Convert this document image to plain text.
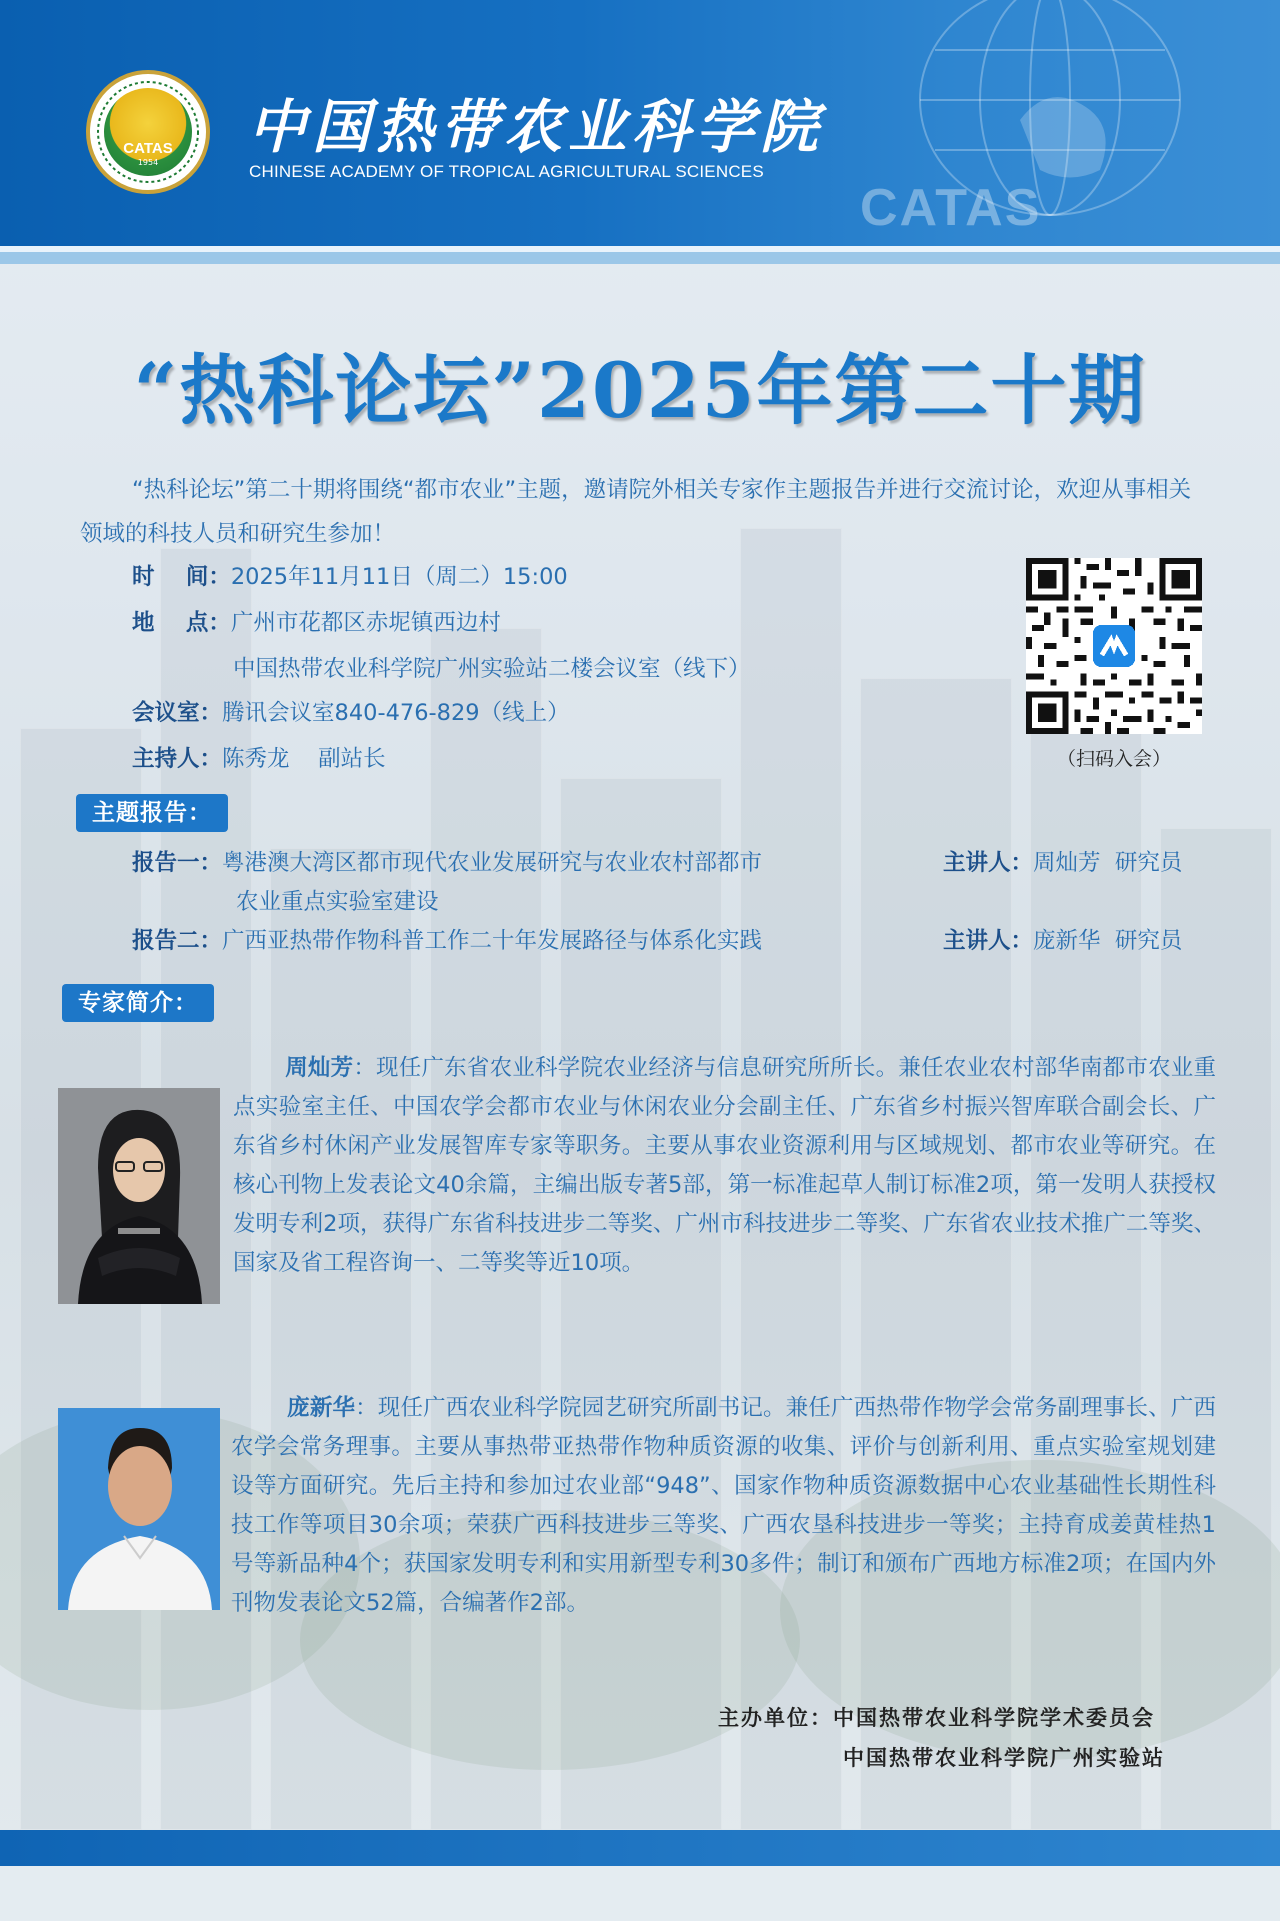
CATAS
1954
中国热带农业科学院
CHINESE ACADEMY OF TROPICAL AGRICULTURAL SCIENCES
CATAS
“热科论坛”2025年第二十期

“热科论坛”第二十期将围绕“都市农业”主题，邀请院外相关专家作主题报告并进行交流讨论，欢迎从事相关领域的科技人员和研究生参加！

时    间：2025年11月11日（周二）15:00
地    点：广州市花都区赤坭镇西边村
中国热带农业科学院广州实验站二楼会议室（线下）
会议室：腾讯会议室840-476-829（线上）
主持人：陈秀龙    副站长	（扫码入会）
主题报告：
报告一：粤港澳大湾区都市现代农业发展研究与农业农村部都市
农业重点实验室建设
主讲人：周灿芳  研究员
报告二：广西亚热带作物科普工作二十年发展路径与体系化实践	主讲人：庞新华  研究员
专家简介：
周灿芳：现任广东省农业科学院农业经济与信息研究所所长。兼任农业农村部华南都市农业重点实验室主任、中国农学会都市农业与休闲农业分会副主任、广东省乡村振兴智库联合副会长、广东省乡村休闲产业发展智库专家等职务。主要从事农业资源利用与区域规划、都市农业等研究。在核心刊物上发表论文40余篇，主编出版专著5部，第一标准起草人制订标准2项，第一发明人获授权发明专利2项，获得广东省科技进步二等奖、广州市科技进步二等奖、广东省农业技术推广二等奖、国家及省工程咨询一、二等奖等近10项。
庞新华：现任广西农业科学院园艺研究所副书记。兼任广西热带作物学会常务副理事长、广西农学会常务理事。主要从事热带亚热带作物种质资源的收集、评价与创新利用、重点实验室规划建设等方面研究。先后主持和参加过农业部“948”、国家作物种质资源数据中心农业基础性长期性科技工作等项目30余项；荣获广西科技进步三等奖、广西农垦科技进步一等奖；主持育成姜黄桂热1号等新品种4个；获国家发明专利和实用新型专利30多件；制订和颁布广西地方标准2项；在国内外刊物发表论文52篇，合编著作2部。
主办单位：中国热带农业科学院学术委员会
中国热带农业科学院广州实验站
